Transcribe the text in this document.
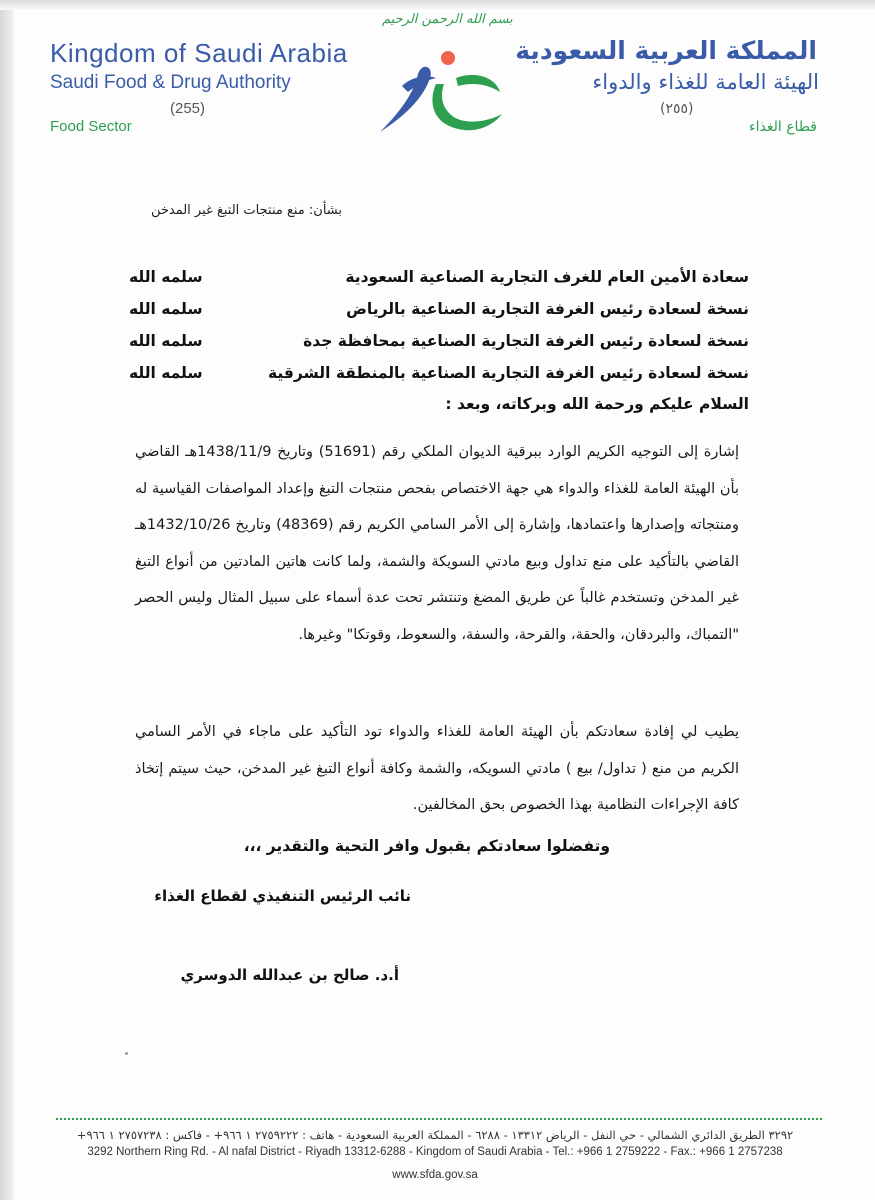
Kingdom of Saudi Arabia
Saudi Food & Drug Authority
(255)
Food Sector
المملكة العربية السعودية
الهيئة العامة للغذاء والدواء
(٢٥٥)
قطاع الغذاء
بسم الله الرحمن الرحيم
SFDA
بشأن: منع منتجات التبغ غير المدخن
سعادة الأمين العام للغرف التجارية الصناعية السعودية
سلمه الله
نسخة لسعادة رئيس الغرفة التجارية الصناعية بالرياض
سلمه الله
نسخة لسعادة رئيس الغرفة التجارية الصناعية بمحافظة جدة
سلمه الله
نسخة لسعادة رئيس الغرفة التجارية الصناعية بالمنطقة الشرقية
سلمه الله
السلام عليكم ورحمة الله وبركاته، وبعد :
إشارة إلى التوجيه الكريم الوارد ببرقية الديوان الملكي رقم (51691) وتاريخ 1438/11/9هـ القاضي بأن الهيئة العامة للغذاء والدواء هي جهة الاختصاص بفحص منتجات التبغ وإعداد المواصفات القياسية له ومنتجاته وإصدارها واعتمادها، وإشارة إلى الأمر السامي الكريم رقم (48369) وتاريخ 1432/10/26هـ القاضي بالتأكيد على منع تداول وبيع مادتي السويكة والشمة، ولما كانت هاتين المادتين من أنواع التبغ غير المدخن وتستخدم غالباً عن طريق المضغ وتنتشر تحت عدة أسماء على سبيل المثال وليس الحصر "التمباك، والبردقان، والحقة، والقرحة، والسفة، والسعوط، وقوتكا" وغيرها.
يطيب لي إفادة سعادتكم بأن الهيئة العامة للغذاء والدواء تود التأكيد على ماجاء في الأمر السامي الكريم من منع ( تداول/ بيع ) مادتي السويكه، والشمة وكافة أنواع التبغ غير المدخن، حيث سيتم إتخاذ كافة الإجراءات النظامية بهذا الخصوص بحق المخالفين.
وتفضلوا سعادتكم بقبول وافر التحية والتقدير ،،،
نائب الرئيس التنفيذي لقطاع الغذاء
أ.د. صالح بن عبدالله الدوسري
٣٢٩٢ الطريق الدائري الشمالي - حي النفل - الرياض ١٣٣١٢ - ٦٢٨٨ - المملكة العربية السعودية - هاتف : ٢٧٥٩٢٢٢ ١ ٩٦٦+ - فاكس : ٢٧٥٧٢٣٨ ١ ٩٦٦+
3292 Northern Ring Rd. - Al nafal District - Riyadh 13312-6288 - Kingdom of Saudi Arabia - Tel.: +966 1 2759222 - Fax.: +966 1 2757238
www.sfda.gov.sa
